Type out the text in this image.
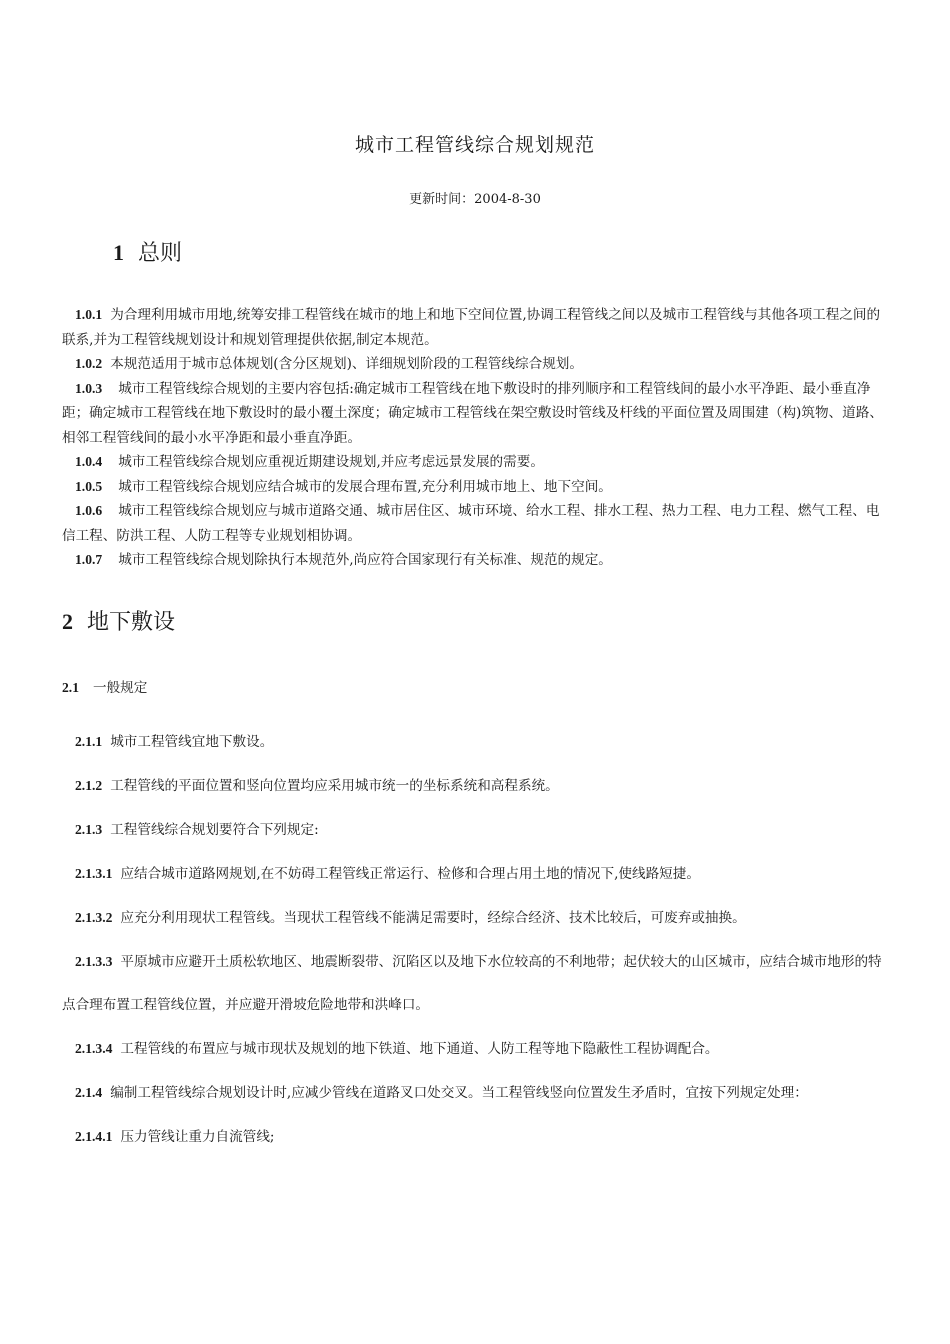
城市工程管线综合规划规范
更新时间：2004-8-30
1 总则

1.0.1 为合理利用城市用地,统筹安排工程管线在城市的地上和地下空间位置,协调工程管线之间以及城市工程管线与其他各项工程之间的联系,并为工程管线规划设计和规划管理提供依据,制定本规范。

1.0.2 本规范适用于城市总体规划(含分区规划)、详细规划阶段的工程管线综合规划。

1.0.3 城市工程管线综合规划的主要内容包括:确定城市工程管线在地下敷设时的排列顺序和工程管线间的最小水平净距、最小垂直净距；确定城市工程管线在地下敷设时的最小覆土深度；确定城市工程管线在架空敷设时管线及杆线的平面位置及周围建（构)筑物、道路、相邻工程管线间的最小水平净距和最小垂直净距。

1.0.4 城市工程管线综合规划应重视近期建设规划,并应考虑远景发展的需要。

1.0.5 城市工程管线综合规划应结合城市的发展合理布置,充分利用城市地上、地下空间。

1.0.6 城市工程管线综合规划应与城市道路交通、城市居住区、城市环境、给水工程、排水工程、热力工程、电力工程、燃气工程、电信工程、防洪工程、人防工程等专业规划相协调。

1.0.7 城市工程管线综合规划除执行本规范外,尚应符合国家现行有关标准、规范的规定。

2 地下敷设
2.1 一般规定

2.1.1 城市工程管线宜地下敷设。

2.1.2 工程管线的平面位置和竖向位置均应采用城市统一的坐标系统和高程系统。

2.1.3 工程管线综合规划要符合下列规定:

2.1.3.1 应结合城市道路网规划,在不妨碍工程管线正常运行、检修和合理占用土地的情况下,使线路短捷。

2.1.3.2 应充分利用现状工程管线。当现状工程管线不能满足需要时，经综合经济、技术比较后，可废弃或抽换。

2.1.3.3 平原城市应避开土质松软地区、地震断裂带、沉陷区以及地下水位较高的不利地带；起伏较大的山区城市，应结合城市地形的特点合理布置工程管线位置，并应避开滑坡危险地带和洪峰口。

2.1.3.4 工程管线的布置应与城市现状及规划的地下铁道、地下通道、人防工程等地下隐蔽性工程协调配合。

2.1.4 编制工程管线综合规划设计时,应减少管线在道路叉口处交叉。当工程管线竖向位置发生矛盾时，宜按下列规定处理：

2.1.4.1 压力管线让重力自流管线;
